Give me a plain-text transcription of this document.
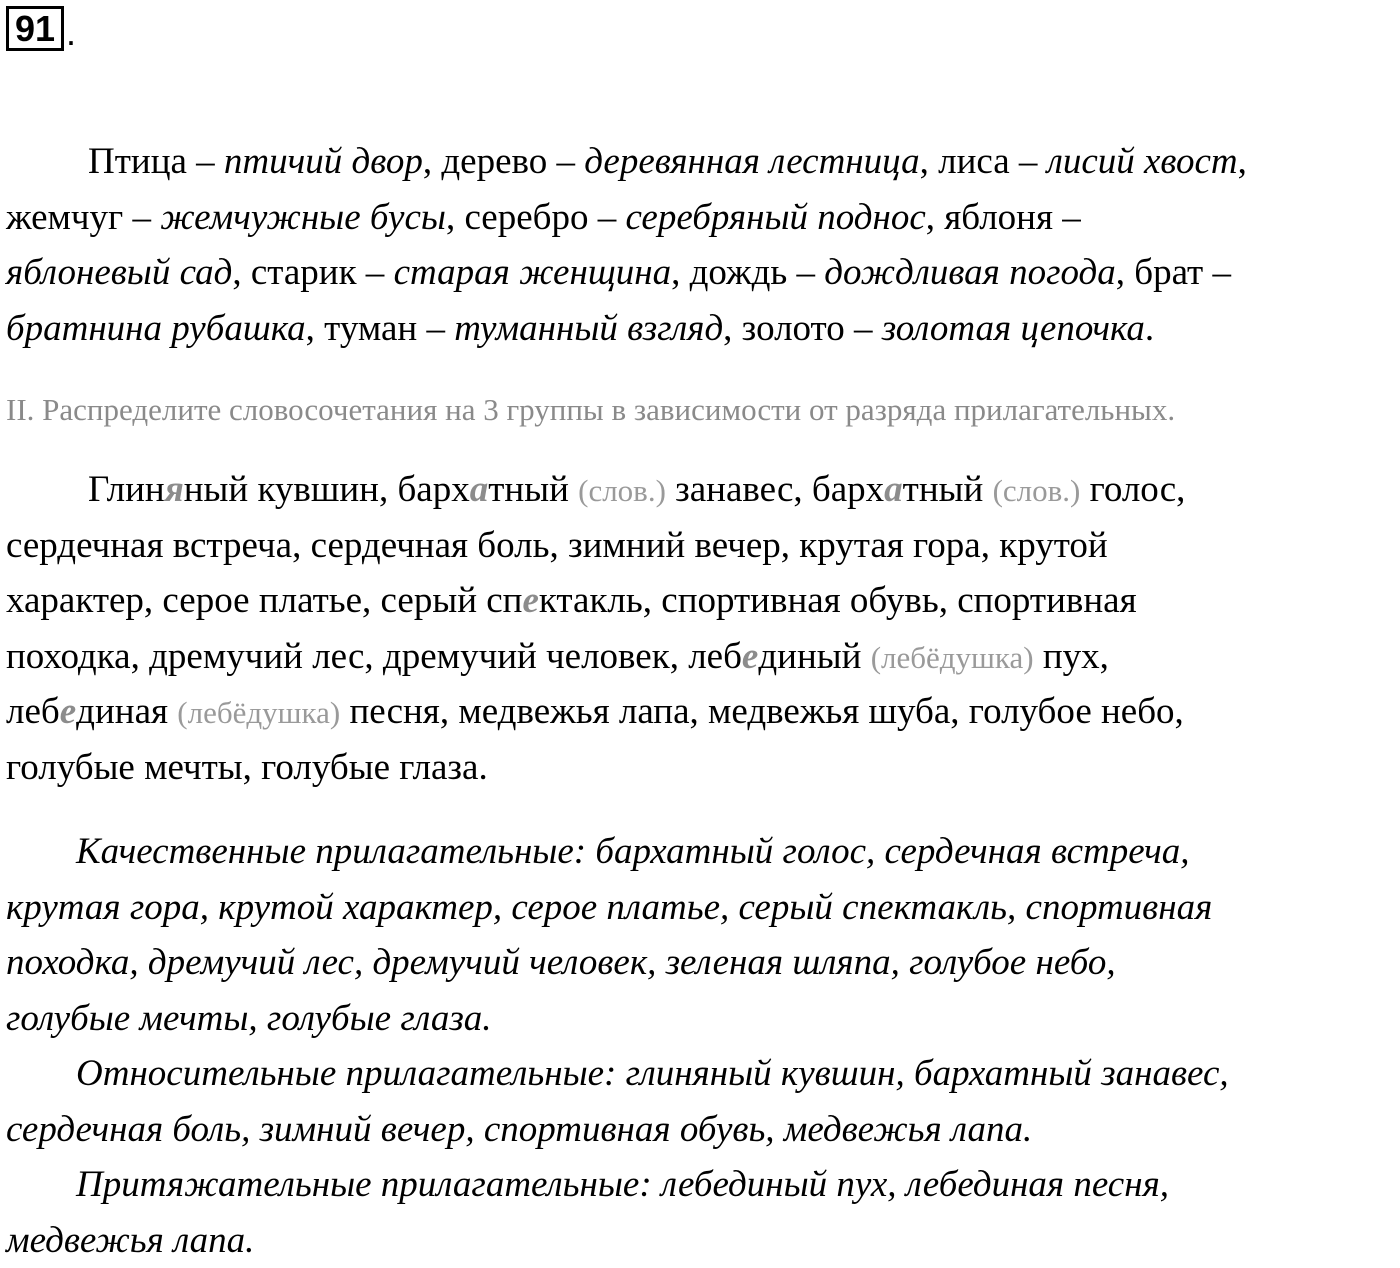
91 .

Птица – птичий двор, дерево – деревянная лестница, лиса – лисий хвост,
жемчуг – жемчужные бусы, серебро – серебряный поднос, яблоня –
яблоневый сад, старик – старая женщина, дождь – дождливая погода, брат –
братнина рубашка, туман – туманный взгляд, золото – золотая цепочка.

II. Распределите словосочетания на 3 группы в зависимости от разряда прилагательных.

Глиняный кувшин, бархатный (слов.) занавес, бархатный (слов.) голос,
сердечная встреча, сердечная боль, зимний вечер, крутая гора, крутой
характер, серое платье, серый спектакль, спортивная обувь, спортивная
походка, дремучий лес, дремучий человек, лебединый (лебёдушка) пух,
лебединая (лебёдушка) песня, медвежья лапа, медвежья шуба, голубое небо,
голубые мечты, голубые глаза.

Качественные прилагательные: бархатный голос, сердечная встреча,
крутая гора, крутой характер, серое платье, серый спектакль, спортивная
походка, дремучий лес, дремучий человек, зеленая шляпа, голубое небо,
голубые мечты, голубые глаза.
Относительные прилагательные: глиняный кувшин, бархатный занавес,
сердечная боль, зимний вечер, спортивная обувь, медвежья лапа.
Притяжательные прилагательные: лебединый пух, лебединая песня,
медвежья лапа.
